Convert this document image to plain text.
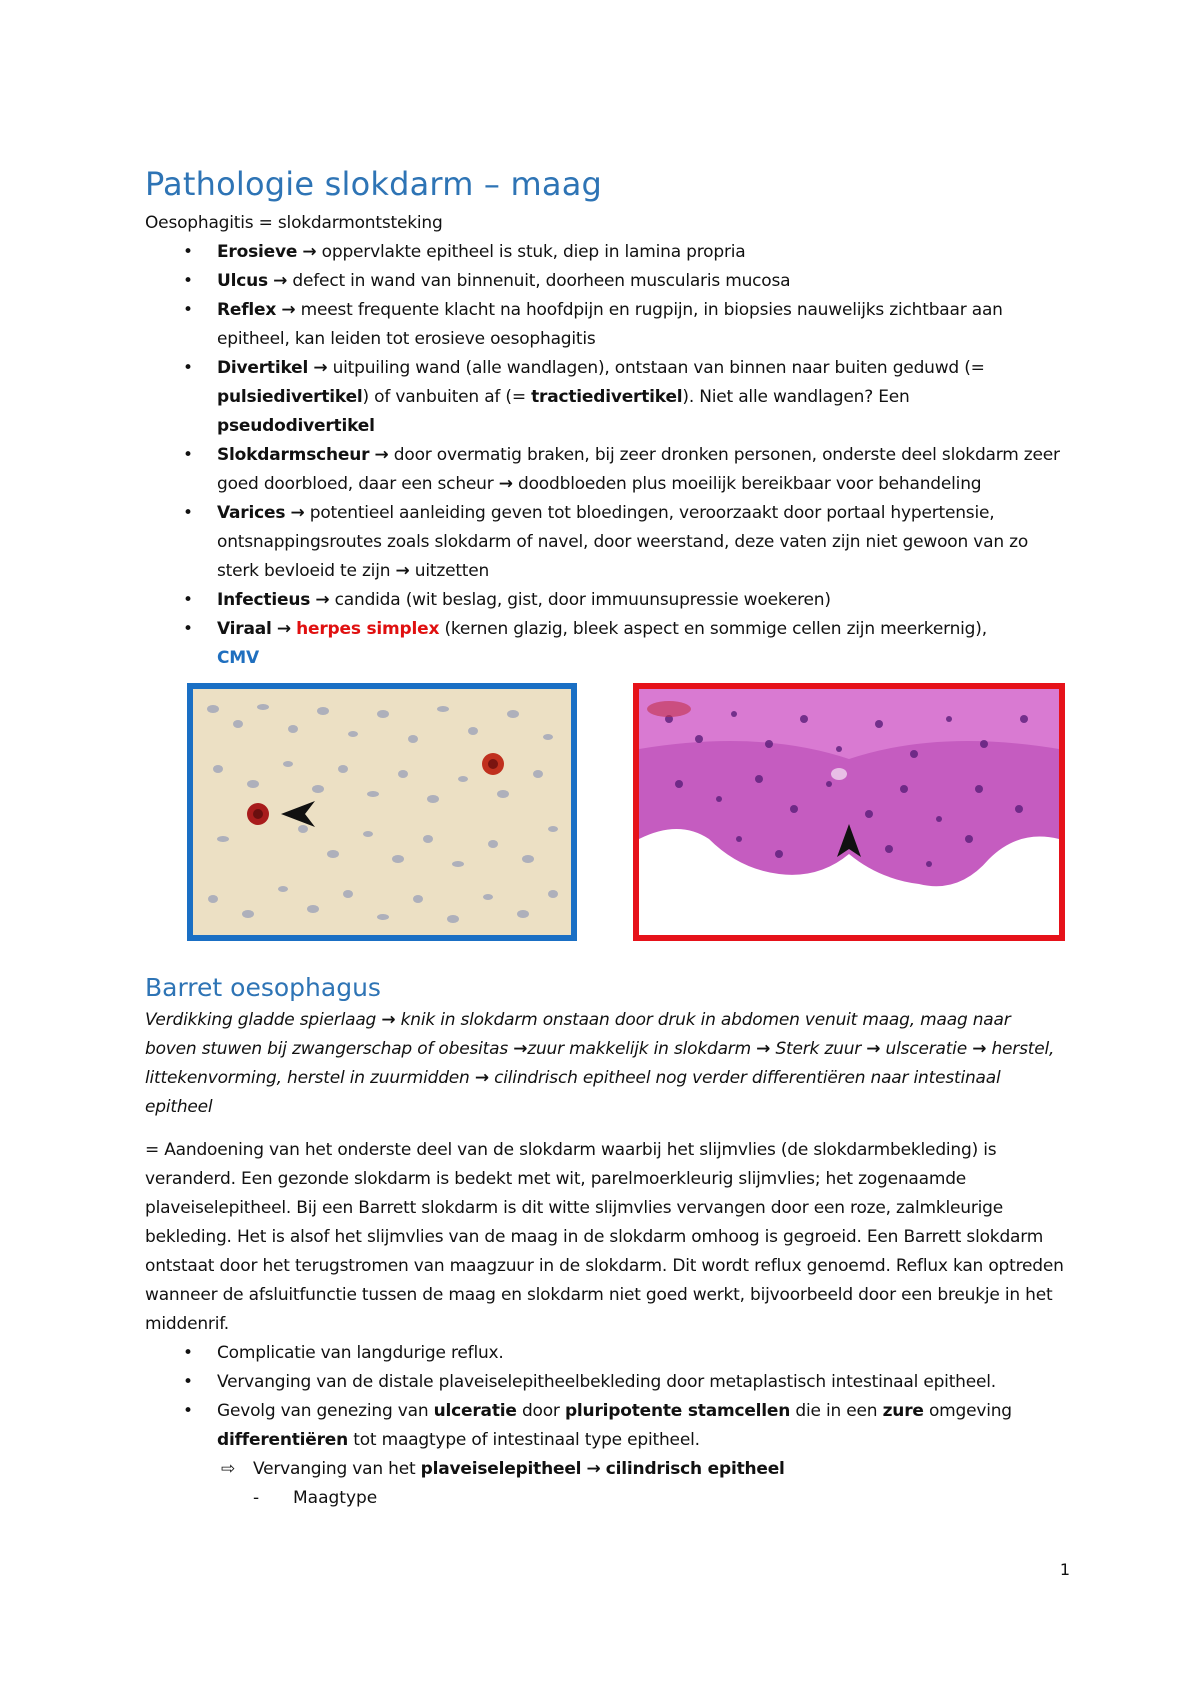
Pathologie slokdarm – maag
Oesophagitis = slokdarmontsteking
• Erosieve → oppervlakte epitheel is stuk, diep in lamina propria
• Ulcus → defect in wand van binnenuit, doorheen muscularis mucosa
• Reflex → meest frequente klacht na hoofdpijn en rugpijn, in biopsies nauwelijks zichtbaar aan epitheel, kan leiden tot erosieve oesophagitis
• Divertikel → uitpuiling wand (alle wandlagen), ontstaan van binnen naar buiten geduwd (= pulsiedivertikel) of vanbuiten af (= tractiedivertikel). Niet alle wandlagen? Een pseudodivertikel
• Slokdarmscheur → door overmatig braken, bij zeer dronken personen, onderste deel slokdarm zeer goed doorbloed, daar een scheur → doodbloeden plus moeilijk bereikbaar voor behandeling
• Varices → potentieel aanleiding geven tot bloedingen, veroorzaakt door portaal hypertensie, ontsnappingsroutes zoals slokdarm of navel, door weerstand, deze vaten zijn niet gewoon van zo sterk bevloeid te zijn → uitzetten
• Infectieus → candida (wit beslag, gist, door immuunsupressie woekeren)
• Viraal → herpes simplex (kernen glazig, bleek aspect en sommige cellen zijn meerkernig),
CMV
Barret oesophagus

Verdikking gladde spierlaag → knik in slokdarm onstaan door druk in abdomen venuit maag, maag naar boven stuwen bij zwangerschap of obesitas →zuur makkelijk in slokdarm → Sterk zuur → ulsceratie → herstel, littekenvorming, herstel in zuurmidden → cilindrisch epitheel nog verder differentiëren naar intestinaal epitheel

= Aandoening van het onderste deel van de slokdarm waarbij het slijmvlies (de slokdarmbekleding) is veranderd. Een gezonde slokdarm is bedekt met wit, parelmoerkleurig slijmvlies; het zogenaamde plaveiselepitheel. Bij een Barrett slokdarm is dit witte slijmvlies vervangen door een roze, zalmkleurige bekleding. Het is alsof het slijmvlies van de maag in de slokdarm omhoog is gegroeid. Een Barrett slokdarm ontstaat door het terugstromen van maagzuur in de slokdarm. Dit wordt reflux genoemd. Reflux kan optreden wanneer de afsluitfunctie tussen de maag en slokdarm niet goed werkt, bijvoorbeeld door een breukje in het middenrif.

• Complicatie van langdurige reflux.
• Vervanging van de distale plaveiselepitheelbekleding door metaplastisch intestinaal epitheel.
• Gevolg van genezing van ulceratie door pluripotente stamcellen die in een zure omgeving differentiëren tot maagtype of intestinaal type epitheel.
⇨ Vervanging van het plaveiselepitheel → cilindrisch epitheel
- Maagtype
1
